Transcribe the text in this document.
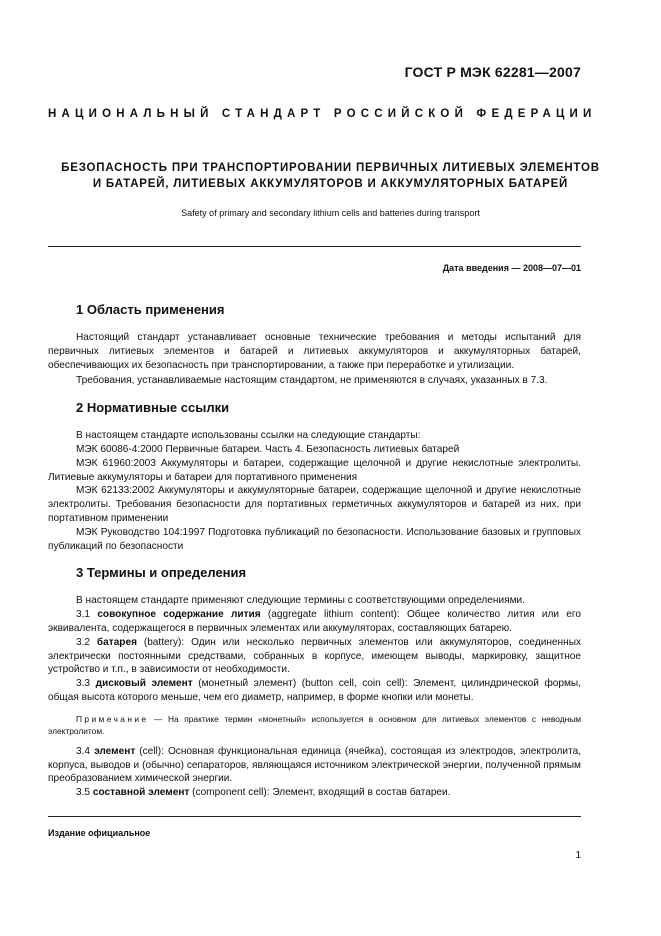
ГОСТ Р МЭК 62281—2007
НАЦИОНАЛЬНЫЙ СТАНДАРТ РОССИЙСКОЙ ФЕДЕРАЦИИ
БЕЗОПАСНОСТЬ ПРИ ТРАНСПОРТИРОВАНИИ ПЕРВИЧНЫХ ЛИТИЕВЫХ ЭЛЕМЕНТОВ
И БАТАРЕЙ, ЛИТИЕВЫХ АККУМУЛЯТОРОВ И АККУМУЛЯТОРНЫХ БАТАРЕЙ
Safety of primary and secondary lithium cells and batteries during transport
Дата введения — 2008—07—01
1 Область применения

Настоящий стандарт устанавливает основные технические требования и методы испытаний для первичных литиевых элементов и батарей и литиевых аккумуляторов и аккумуляторных батарей, обеспечивающих их безопасность при транспортировании, а также при переработке и утилизации.

Требования, устанавливаемые настоящим стандартом, не применяются в случаях, указанных в 7.3.

2 Нормативные ссылки

В настоящем стандарте использованы ссылки на следующие стандарты:

МЭК 60086-4:2000 Первичные батареи. Часть 4. Безопасность литиевых батарей

МЭК 61960:2003 Аккумуляторы и батареи, содержащие щелочной и другие некислотные электролиты. Литиевые аккумуляторы и батареи для портативного применения

МЭК 62133:2002 Аккумуляторы и аккумуляторные батареи, содержащие щелочной и другие некислотные электролиты. Требования безопасности для портативных герметичных аккумуляторов и батарей из них, при портативном применении

МЭК Руководство 104:1997 Подготовка публикаций по безопасности. Использование базовых и групповых публикаций по безопасности

3 Термины и определения

В настоящем стандарте применяют следующие термины с соответствующими определениями.

3.1 совокупное содержание лития (aggregate lithium content): Общее количество лития или его эквивалента, содержащегося в первичных элементах или аккумуляторах, составляющих батарею.

3.2 батарея (battery): Один или несколько первичных элементов или аккумуляторов, соединенных электрически постоянными средствами, собранных в корпусе, имеющем выводы, маркировку, защитное устройство и т.п., в зависимости от необходимости.

3.3 дисковый элемент (монетный элемент) (button cell, coin cell): Элемент, цилиндрической формы, общая высота которого меньше, чем его диаметр, например, в форме кнопки или монеты.

Примечание — На практике термин «монетный» используется в основном для литиевых элементов с неводным электролитом.

3.4 элемент (cell): Основная функциональная единица (ячейка), состоящая из электродов, электролита, корпуса, выводов и (обычно) сепараторов, являющаяся источником электрической энергии, полученной прямым преобразованием химической энергии.

3.5 составной элемент (component cell): Элемент, входящий в состав батареи.

Издание официальное
1
